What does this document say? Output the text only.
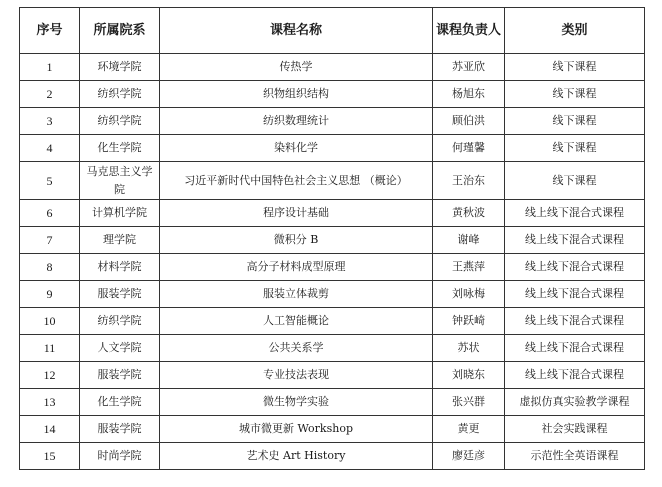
序号	所属院系	课程名称	课程负责人	类别
1	环境学院	传热学	苏亚欣	线下课程
2	纺织学院	织物组织结构	杨旭东	线下课程
3	纺织学院	纺织数理统计	顾伯洪	线下课程
4	化生学院	染料化学	何瑾馨	线下课程
5	马克思主义学院	习近平新时代中国特色社会主义思想 （概论）	王治东	线下课程
6	计算机学院	程序设计基础	黄秋波	线上线下混合式课程
7	理学院	微积分 B	谢峰	线上线下混合式课程
8	材料学院	高分子材料成型原理	王燕萍	线上线下混合式课程
9	服装学院	服装立体裁剪	刘咏梅	线上线下混合式课程
10	纺织学院	人工智能概论	钟跃崎	线上线下混合式课程
11	人文学院	公共关系学	苏状	线上线下混合式课程
12	服装学院	专业技法表现	刘晓东	线上线下混合式课程
13	化生学院	微生物学实验	张兴群	虚拟仿真实验教学课程
14	服装学院	城市微更新 Workshop	黄更	社会实践课程
15	时尚学院	艺术史 Art History	廖廷彦	示范性全英语课程
